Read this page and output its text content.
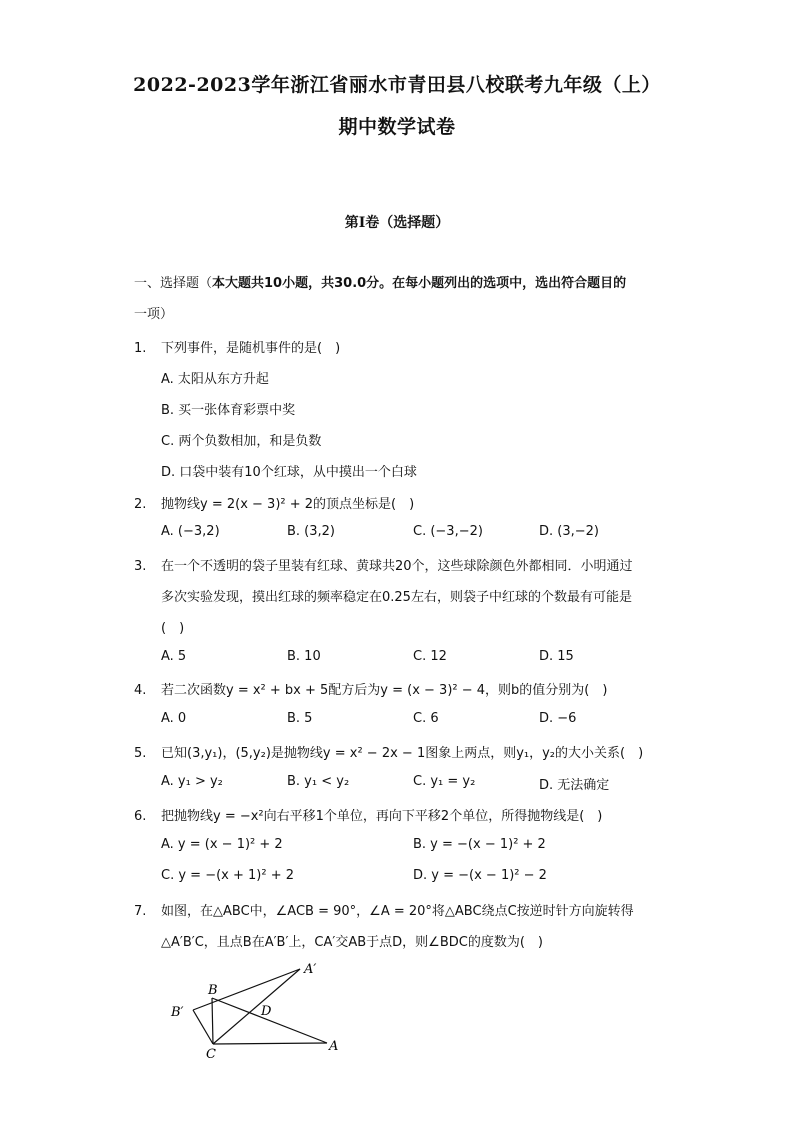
2022-2023学年浙江省丽水市青田县八校联考九年级（上）
期中数学试卷
第Ⅰ卷（选择题）
一、选择题（本大题共10小题，共30.0分。在每小题列出的选项中，选出符合题目的
一项）
1. 下列事件，是随机事件的是(　)
A. 太阳从东方升起
B. 买一张体育彩票中奖
C. 两个负数相加，和是负数
D. 口袋中装有10个红球，从中摸出一个白球
2. 抛物线y = 2(x − 3)² + 2的顶点坐标是(　)
A. (−3,2)	B. (3,2)	C. (−3,−2)	D. (3,−2)
3. 在一个不透明的袋子里装有红球、黄球共20个，这些球除颜色外都相同．小明通过
多次实验发现，摸出红球的频率稳定在0.25左右，则袋子中红球的个数最有可能是
(　)
A. 5	B. 10	C. 12	D. 15
4. 若二次函数y = x² + bx + 5配方后为y = (x − 3)² − 4，则b的值分别为(　)
A. 0	B. 5	C. 6	D. −6
5. 已知(3,y₁)，(5,y₂)是抛物线y = x² − 2x − 1图象上两点，则y₁，y₂的大小关系(　)
A. y₁ > y₂	B. y₁ < y₂	C. y₁ = y₂	D. 无法确定
6. 把抛物线y = −x²向右平移1个单位，再向下平移2个单位，所得抛物线是(　)
A. y = (x − 1)² + 2	B. y = −(x − 1)² + 2
C. y = −(x + 1)² + 2	D. y = −(x − 1)² − 2
7. 如图，在△ABC中，∠ACB = 90°，∠A = 20°将△ABC绕点C按逆时针方向旋转得
△A′B′C，且点B在A′B′上，CA′交AB于点D，则∠BDC的度数为(　)
A′
B
B′	D
C
A
